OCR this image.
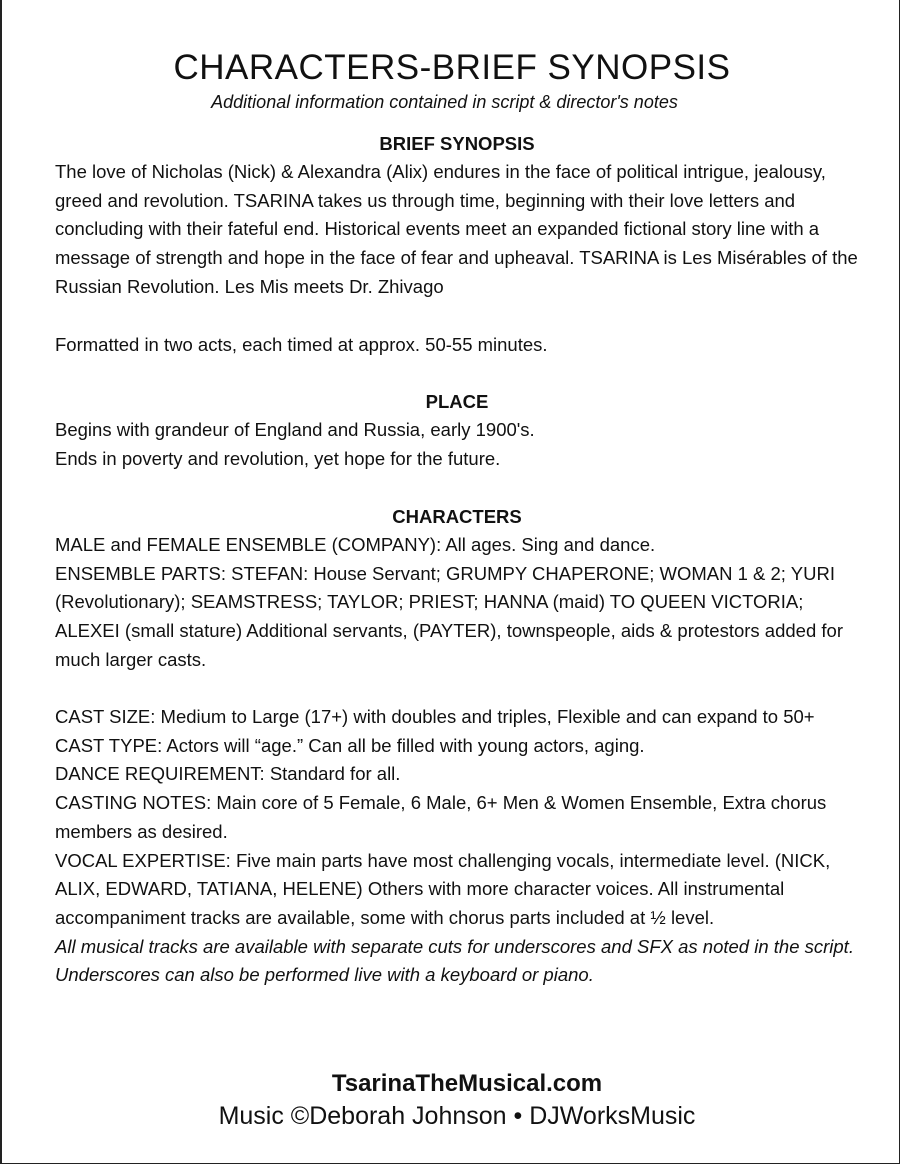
CHARACTERS-BRIEF SYNOPSIS
Additional information contained in script & director's notes
BRIEF SYNOPSIS

The love of Nicholas (Nick) & Alexandra (Alix) endures in the face of political intrigue, jealousy, greed and revolution. TSARINA takes us through time, beginning with their love letters and concluding with their fateful end. Historical events meet an expanded fictional story line with a message of strength and hope in the face of fear and upheaval. TSARINA is Les Misérables of the Russian Revolution. Les Mis meets Dr. Zhivago

Formatted in two acts, each timed at approx. 50-55 minutes.

PLACE

Begins with grandeur of England and Russia, early 1900's.

Ends in poverty and revolution, yet hope for the future.

CHARACTERS

MALE and FEMALE ENSEMBLE (COMPANY): All ages. Sing and dance.

ENSEMBLE PARTS: STEFAN: House Servant; GRUMPY CHAPERONE; WOMAN 1 & 2; YURI (Revolutionary); SEAMSTRESS; TAYLOR; PRIEST; HANNA (maid) TO QUEEN VICTORIA; ALEXEI (small stature) Additional servants, (PAYTER), townspeople, aids & protestors added for much larger casts.

CAST SIZE: Medium to Large (17+) with doubles and triples, Flexible and can expand to 50+

CAST TYPE: Actors will “age.” Can all be filled with young actors, aging.

DANCE REQUIREMENT: Standard for all.

CASTING NOTES: Main core of 5 Female, 6 Male, 6+ Men & Women Ensemble, Extra chorus members as desired.

VOCAL EXPERTISE: Five main parts have most challenging vocals, intermediate level. (NICK, ALIX, EDWARD, TATIANA, HELENE) Others with more character voices. All instrumental accompaniment tracks are available, some with chorus parts included at ½ level.

All musical tracks are available with separate cuts for underscores and SFX as noted in the script. Underscores can also be performed live with a keyboard or piano.

TsarinaTheMusical.com
Music ©Deborah Johnson • DJWorksMusic
